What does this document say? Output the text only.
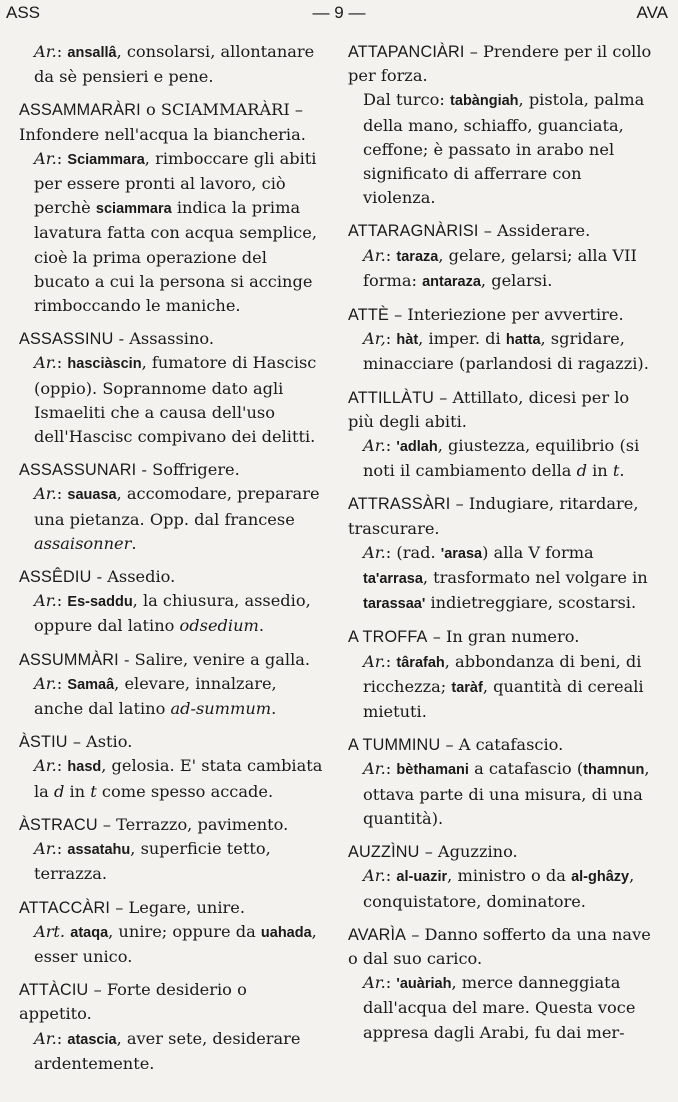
ASS	— 9 —	AVA
Ar.: ansallâ, consolarsi, allontanare da sè pensieri e pene.
ASSAMMARÀRI o SCIAMMARÀRI – Infondere nell'acqua la biancheria.
Ar.: Sciammara, rimboccare gli abiti per essere pronti al lavoro, ciò perchè sciammara indica la prima lavatura fatta con acqua semplice, cioè la prima operazione del bucato a cui la persona si accinge rimboccando le maniche.
ASSASSINU - Assassino.
Ar.: hasciàscin, fumatore di Hascisc (oppio). Soprannome dato agli Ismaeliti che a causa dell'uso dell'Hascisc compivano dei delitti.
ASSASSUNARI - Soffrigere.
Ar.: sauasa, accomodare, preparare una pietanza. Opp. dal francese assaisonner.
ASSÊDIU - Assedio.
Ar.: Es-saddu, la chiusura, assedio, oppure dal latino odsedium.
ASSUMMÀRI - Salire, venire a galla.
Ar.: Samaâ, elevare, innalzare, anche dal latino ad-summum.
ÀSTIU – Astio.
Ar.: hasd, gelosia. E' stata cambiata la d in t come spesso accade.
ÀSTRACU – Terrazzo, pavimento.
Ar.: assatahu, superficie tetto, terrazza.
ATTACCÀRI – Legare, unire.
Art. ataqa, unire; oppure da uahada, esser unico.
ATTÀCIU – Forte desiderio o appetito.
Ar.: atascia, aver sete, desiderare ardentemente.
ATTAPANCIÀRI – Prendere per il collo per forza.
Dal turco: tabàngiah, pistola, palma della mano, schiaffo, guanciata, ceffone; è passato in arabo nel significato di afferrare con violenza.
ATTARAGNÀRISI – Assiderare.
Ar.: taraza, gelare, gelarsi; alla VII forma: antaraza, gelarsi.
ATTÈ – Interiezione per avvertire.
Ar,: hàt, imper. di hatta, sgridare, minacciare (parlandosi di ragazzi).
ATTILLÀTU – Attillato, dicesi per lo più degli abiti.
Ar.: 'adlah, giustezza, equilibrio (si noti il cambiamento della d in t.
ATTRASSÀRI – Indugiare, ritardare, trascurare.
Ar.: (rad. 'arasa) alla V forma ta'arrasa, trasformato nel volgare in tarassaa' indietreggiare, scostarsi.
A TROFFA – In gran numero.
Ar.: târafah, abbondanza di beni, di ricchezza; taràf, quantità di cereali mietuti.
A TUMMINU – A catafascio.
Ar.: bèthamani a catafascio (thamnun, ottava parte di una misura, di una quantità).
AUZZÌNU – Aguzzino.
Ar.: al-uazir, ministro o da al-ghâzy, conquistatore, dominatore.
AVARÌA – Danno sofferto da una nave o dal suo carico.
Ar.: 'auàriah, merce danneggiata dall'acqua del mare. Questa voce appresa dagli Arabi, fu dai mer-
